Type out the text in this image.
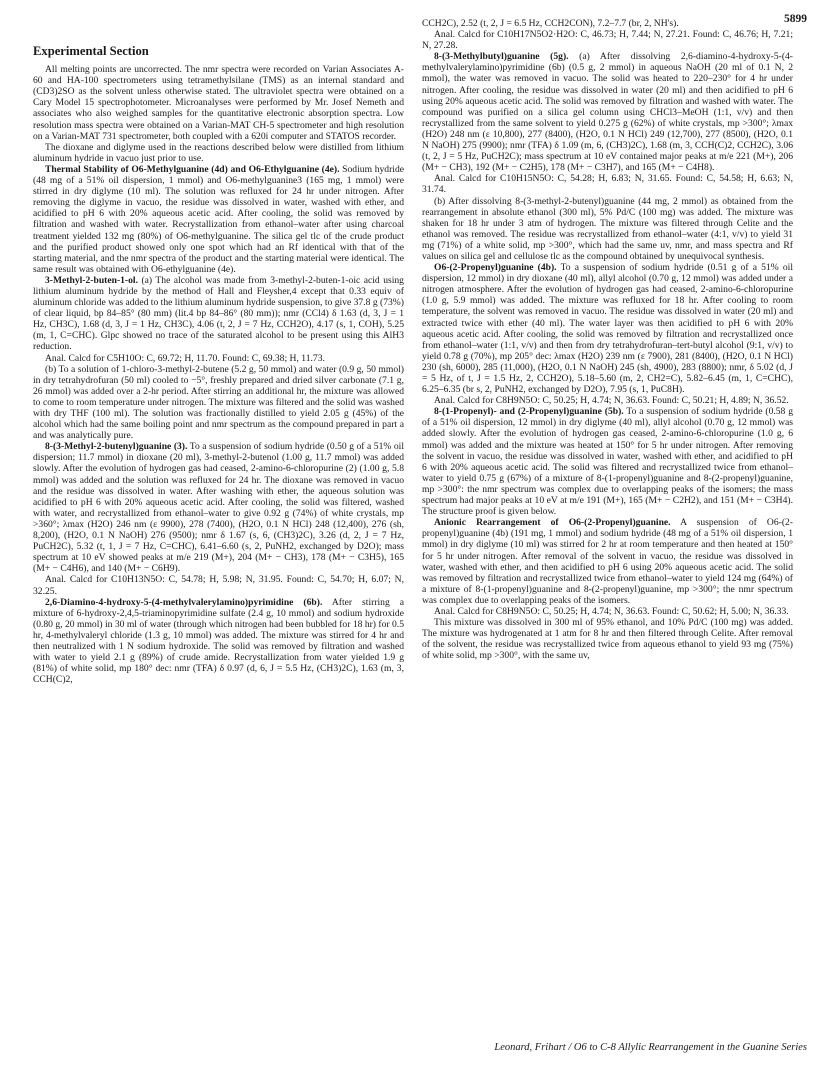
5899
Experimental Section

All melting points are uncorrected. The nmr spectra were recorded on Varian Associates A-60 and HA-100 spectrometers using tetramethylsilane (TMS) as an internal standard and (CD3)2SO as the solvent unless otherwise stated. The ultraviolet spectra were obtained on a Cary Model 15 spectrophotometer. Microanalyses were performed by Mr. Josef Nemeth and associates who also weighed samples for the quantitative electronic absorption spectra. Low resolution mass spectra were obtained on a Varian-MAT CH-5 spectrometer and high resolution on a Varian-MAT 731 spectrometer, both coupled with a 620i computer and STATOS recorder.

The dioxane and diglyme used in the reactions described below were distilled from lithium aluminum hydride in vacuo just prior to use.

Thermal Stability of O6-Methylguanine (4d) and O6-Ethylguanine (4e). Sodium hydride (48 mg of a 51% oil dispersion, 1 mmol) and O6-methylguanine3 (165 mg, 1 mmol) were stirred in dry diglyme (10 ml). The solution was refluxed for 24 hr under nitrogen. After removing the diglyme in vacuo, the residue was dissolved in water, washed with ether, and acidified to pH 6 with 20% aqueous acetic acid. After cooling, the solid was removed by filtration and washed with water. Recrystallization from ethanol–water after using charcoal treatment yielded 132 mg (80%) of O6-methylguanine. The silica gel tlc of the crude product and the purified product showed only one spot which had an Rf identical with that of the starting material, and the nmr spectra of the product and the starting material were identical. The same result was obtained with O6-ethylguanine (4e).

3-Methyl-2-buten-1-ol. (a) The alcohol was made from 3-methyl-2-buten-1-oic acid using lithium aluminum hydride by the method of Hall and Fleysher,4 except that 0.33 equiv of aluminum chloride was added to the lithium aluminum hydride suspension, to give 37.8 g (73%) of clear liquid, bp 84–85° (80 mm) (lit.4 bp 84–86° (80 mm)); nmr (CCl4) δ 1.63 (d, 3, J = 1 Hz, CH3C), 1.68 (d, 3, J = 1 Hz, CH3C), 4.06 (t, 2, J = 7 Hz, CCH2O), 4.17 (s, 1, COH), 5.25 (m, 1, C=CHC). Glpc showed no trace of the saturated alcohol to be present using this AlH3 reduction.

Anal. Calcd for C5H10O: C, 69.72; H, 11.70. Found: C, 69.38; H, 11.73.

(b) To a solution of 1-chloro-3-methyl-2-butene (5.2 g, 50 mmol) and water (0.9 g, 50 mmol) in dry tetrahydrofuran (50 ml) cooled to −5°, freshly prepared and dried silver carbonate (7.1 g, 26 mmol) was added over a 2-hr period. After stirring an additional hr, the mixture was allowed to come to room temperature under nitrogen. The mixture was filtered and the solid was washed with dry THF (100 ml). The solution was fractionally distilled to yield 2.05 g (45%) of the alcohol which had the same boiling point and nmr spectrum as the compound prepared in part a and was analytically pure.

8-(3-Methyl-2-butenyl)guanine (3). To a suspension of sodium hydride (0.50 g of a 51% oil dispersion; 11.7 mmol) in dioxane (20 ml), 3-methyl-2-butenol (1.00 g, 11.7 mmol) was added slowly. After the evolution of hydrogen gas had ceased, 2-amino-6-chloropurine (2) (1.00 g, 5.8 mmol) was added and the solution was refluxed for 24 hr. The dioxane was removed in vacuo and the residue was dissolved in water. After washing with ether, the aqueous solution was acidified to pH 6 with 20% aqueous acetic acid. After cooling, the solid was filtered, washed with water, and recrystallized from ethanol–water to give 0.92 g (74%) of white crystals, mp >360°; λmax (H2O) 246 nm (ε 9900), 278 (7400), (H2O, 0.1 N HCl) 248 (12,400), 276 (sh, 8,200), (H2O, 0.1 N NaOH) 276 (9500); nmr δ 1.67 (s, 6, (CH3)2C), 3.26 (d, 2, J = 7 Hz, PuCH2C), 5.32 (t, 1, J = 7 Hz, C=CHC), 6.41–6.60 (s, 2, PuNH2, exchanged by D2O); mass spectrum at 10 eV showed peaks at m/e 219 (M+), 204 (M+ − CH3), 178 (M+ − C3H5), 165 (M+ − C4H6), and 140 (M+ − C6H9).

Anal. Calcd for C10H13N5O: C, 54.78; H, 5.98; N, 31.95. Found: C, 54.70; H, 6.07; N, 32.25.

2,6-Diamino-4-hydroxy-5-(4-methylvalerylamino)pyrimidine (6b). After stirring a mixture of 6-hydroxy-2,4,5-triaminopyrimidine sulfate (2.4 g, 10 mmol) and sodium hydroxide (0.80 g, 20 mmol) in 30 ml of water (through which nitrogen had been bubbled for 18 hr) for 0.5 hr, 4-methylvaleryl chloride (1.3 g, 10 mmol) was added. The mixture was stirred for 4 hr and then neutralized with 1 N sodium hydroxide. The solid was removed by filtration and washed with water to yield 2.1 g (89%) of crude amide. Recrystallization from water yielded 1.9 g (81%) of white solid, mp 180° dec: nmr (TFA) δ 0.97 (d, 6, J = 5.5 Hz, (CH3)2C), 1.63 (m, 3, CCH(C)2,

CCH2C), 2.52 (t, 2, J = 6.5 Hz, CCH2CON), 7.2–7.7 (br, 2, NH's).

Anal. Calcd for C10H17N5O2·H2O: C, 46.73; H, 7.44; N, 27.21. Found: C, 46.76; H, 7.21; N, 27.28.

8-(3-Methylbutyl)guanine (5g). (a) After dissolving 2,6-diamino-4-hydroxy-5-(4-methylvalerylamino)pyrimidine (6b) (0.5 g, 2 mmol) in aqueous NaOH (20 ml of 0.1 N, 2 mmol), the water was removed in vacuo. The solid was heated to 220–230° for 4 hr under nitrogen. After cooling, the residue was dissolved in water (20 ml) and then acidified to pH 6 using 20% aqueous acetic acid. The solid was removed by filtration and washed with water. The compound was purified on a silica gel column using CHCl3–MeOH (1:1, v/v) and then recrystallized from the same solvent to yield 0.275 g (62%) of white crystals, mp >300°; λmax (H2O) 248 nm (ε 10,800), 277 (8400), (H2O, 0.1 N HCl) 249 (12,700), 277 (8500), (H2O, 0.1 N NaOH) 275 (9900); nmr (TFA) δ 1.09 (m, 6, (CH3)2C), 1.68 (m, 3, CCH(C)2, CCH2C), 3.06 (t, 2, J = 5 Hz, PuCH2C); mass spectrum at 10 eV contained major peaks at m/e 221 (M+), 206 (M+ − CH3), 192 (M+ − C2H5), 178 (M+ − C3H7), and 165 (M+ − C4H8).

Anal. Calcd for C10H15N5O: C, 54.28; H, 6.83; N, 31.65. Found: C, 54.58; H, 6.63; N, 31.74.

(b) After dissolving 8-(3-methyl-2-butenyl)guanine (44 mg, 2 mmol) as obtained from the rearrangement in absolute ethanol (300 ml), 5% Pd/C (100 mg) was added. The mixture was shaken for 18 hr under 3 atm of hydrogen. The mixture was filtered through Celite and the ethanol was removed. The residue was recrystallized from ethanol–water (4:1, v/v) to yield 31 mg (71%) of a white solid, mp >300°, which had the same uv, nmr, and mass spectra and Rf values on silica gel and cellulose tlc as the compound obtained by unequivocal synthesis.

O6-(2-Propenyl)guanine (4b). To a suspension of sodium hydride (0.51 g of a 51% oil dispersion, 12 mmol) in dry dioxane (40 ml), allyl alcohol (0.70 g, 12 mmol) was added under a nitrogen atmosphere. After the evolution of hydrogen gas had ceased, 2-amino-6-chloropurine (1.0 g, 5.9 mmol) was added. The mixture was refluxed for 18 hr. After cooling to room temperature, the solvent was removed in vacuo. The residue was dissolved in water (20 ml) and extracted twice with ether (40 ml). The water layer was then acidified to pH 6 with 20% aqueous acetic acid. After cooling, the solid was removed by filtration and recrystallized once from ethanol–water (1:1, v/v) and then from dry tetrahydrofuran–tert-butyl alcohol (9:1, v/v) to yield 0.78 g (70%), mp 205° dec: λmax (H2O) 239 nm (ε 7900), 281 (8400), (H2O, 0.1 N HCl) 230 (sh, 6000), 285 (11,000), (H2O, 0.1 N NaOH) 245 (sh, 4900), 283 (8800); nmr, δ 5.02 (d, J = 5 Hz, of t, J = 1.5 Hz, 2, CCH2O), 5.18–5.60 (m, 2, CH2=C), 5.82–6.45 (m, 1, C=CHC), 6.25–6.35 (br s, 2, PuNH2, exchanged by D2O), 7.95 (s, 1, PuC8H).

Anal. Calcd for C8H9N5O: C, 50.25; H, 4.74; N, 36.63. Found: C, 50.21; H, 4.89; N, 36.52.

8-(1-Propenyl)- and (2-Propenyl)guanine (5b). To a suspension of sodium hydride (0.58 g of a 51% oil dispersion, 12 mmol) in dry diglyme (40 ml), allyl alcohol (0.70 g, 12 mmol) was added slowly. After the evolution of hydrogen gas ceased, 2-amino-6-chloropurine (1.0 g, 6 mmol) was added and the mixture was heated at 150° for 5 hr under nitrogen. After removing the solvent in vacuo, the residue was dissolved in water, washed with ether, and acidified to pH 6 with 20% aqueous acetic acid. The solid was filtered and recrystallized twice from ethanol–water to yield 0.75 g (67%) of a mixture of 8-(1-propenyl)guanine and 8-(2-propenyl)guanine, mp >300°: the nmr spectrum was complex due to overlapping peaks of the isomers; the mass spectrum had major peaks at 10 eV at m/e 191 (M+), 165 (M+ − C2H2), and 151 (M+ − C3H4). The structure proof is given below.

Anionic Rearrangement of O6-(2-Propenyl)guanine. A suspension of O6-(2-propenyl)guanine (4b) (191 mg, 1 mmol) and sodium hydride (48 mg of a 51% oil dispersion, 1 mmol) in dry diglyme (10 ml) was stirred for 2 hr at room temperature and then heated at 150° for 5 hr under nitrogen. After removal of the solvent in vacuo, the residue was dissolved in water, washed with ether, and then acidified to pH 6 using 20% aqueous acetic acid. The solid was removed by filtration and recrystallized twice from ethanol–water to yield 124 mg (64%) of a mixture of 8-(1-propenyl)guanine and 8-(2-propenyl)guanine, mp >300°; the nmr spectrum was complex due to overlapping peaks of the isomers.

Anal. Calcd for C8H9N5O: C, 50.25; H, 4.74; N, 36.63. Found: C, 50.62; H, 5.00; N, 36.33.

This mixture was dissolved in 300 ml of 95% ethanol, and 10% Pd/C (100 mg) was added. The mixture was hydrogenated at 1 atm for 8 hr and then filtered through Celite. After removal of the solvent, the residue was recrystallized twice from aqueous ethanol to yield 93 mg (75%) of white solid, mp >300°, with the same uv,

Leonard, Frihart / O6 to C-8 Allylic Rearrangement in the Guanine Series
